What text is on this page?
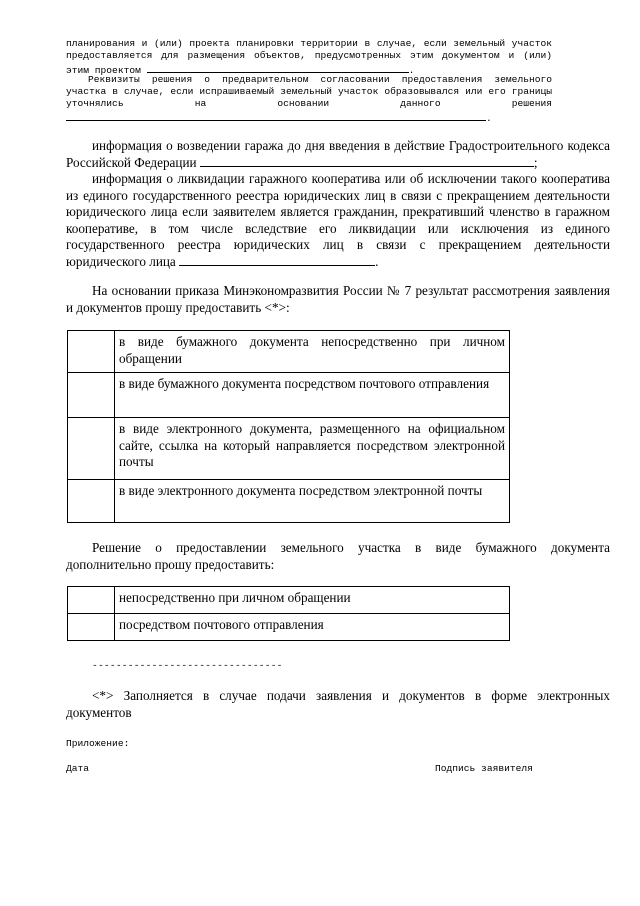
планирования и (или) проекта планировки территории в случае, если земельный участок предоставляется для размещения объектов, предусмотренных этим документом и (или) этим проектом	.
Реквизиты решения о предварительном согласовании предоставления земельного участка в случае, если испрашиваемый земельный участок образовывался или его границы уточнялись на основании данного решения .
информация о возведении гаража до дня введения в действие Градостроительного кодекса Российской Федерации	;
информация о ликвидации гаражного кооператива или об исключении такого кооператива из единого государственного реестра юридических лиц в связи с прекращением деятельности юридического лица если заявителем является гражданин, прекративший членство в гаражном кооперативе, в том числе вследствие его ликвидации или исключения из единого государственного реестра юридических лиц в связи с прекращением деятельности юридического лица	.
На основании приказа Минэкономразвития России № 7 результат рассмотрения заявления и документов прошу предоставить <*>:

	в виде бумажного документа непосредственно при личном обращении

	в виде бумажного документа посредством почтового отправления

	в виде электронного документа, размещенного на официальном сайте, ссылка на который направляется посредством электронной почты

	в виде электронного документа посредством электронной почты
Решение о предоставлении земельного участка в виде бумажного документа дополнительно прошу предоставить:

	непосредственно при личном обращении

	посредством почтового отправления
--------------------------------
<*> Заполняется в случае подачи заявления и документов в форме электронных документов
Приложение:
Дата	Подпись заявителя
